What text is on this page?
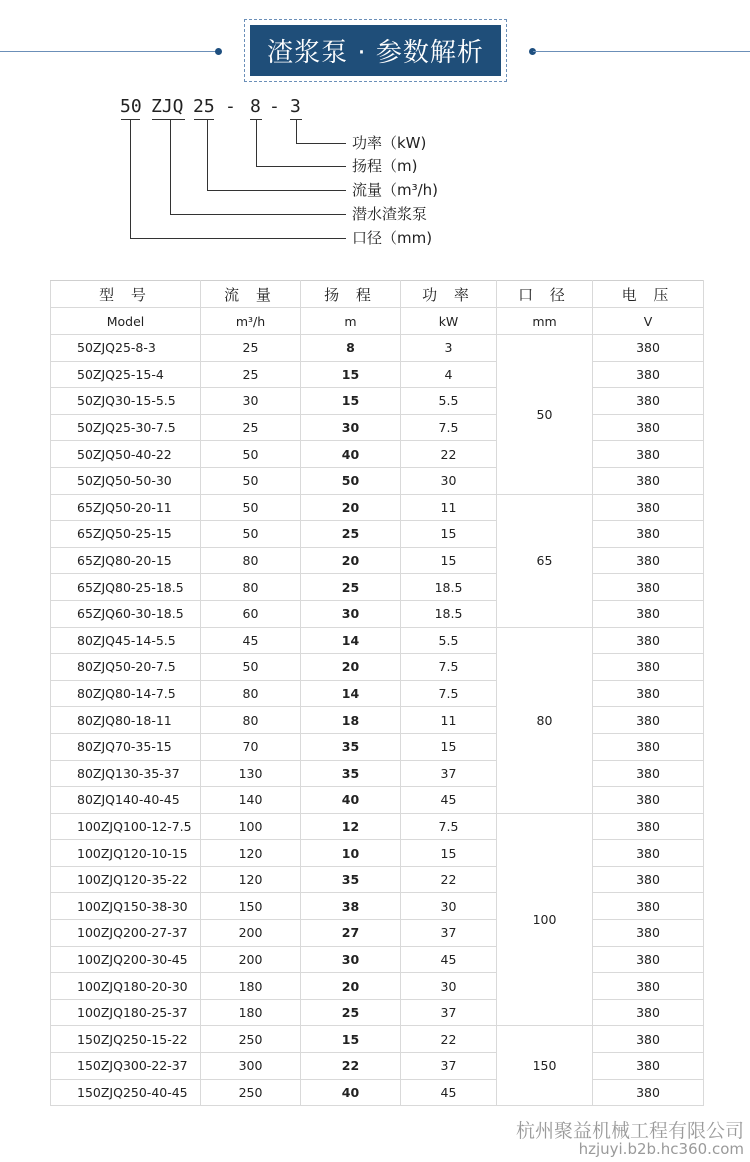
渣浆泵 · 参数解析
50 ZJQ 25 - 8 - 3
功率（kW)
扬程（m)
流量（m³/h)
潜水渣浆泵
口径（mm)
型 号	流 量	扬 程	功 率	口 径	电 压
Model	m³/h	m	kW	mm	V
50ZJQ25-8-3	25	8	3	50	380
50ZJQ25-15-4	25	15	4		380
50ZJQ30-15-5.5	30	15	5.5		380
50ZJQ25-30-7.5	25	30	7.5		380
50ZJQ50-40-22	50	40	22		380
50ZJQ50-50-30	50	50	30		380
65ZJQ50-20-11	50	20	11	65	380
65ZJQ50-25-15	50	25	15		380
65ZJQ80-20-15	80	20	15		380
65ZJQ80-25-18.5	80	25	18.5		380
65ZJQ60-30-18.5	60	30	18.5		380
80ZJQ45-14-5.5	45	14	5.5	80	380
80ZJQ50-20-7.5	50	20	7.5		380
80ZJQ80-14-7.5	80	14	7.5		380
80ZJQ80-18-11	80	18	11		380
80ZJQ70-35-15	70	35	15		380
80ZJQ130-35-37	130	35	37		380
80ZJQ140-40-45	140	40	45		380
100ZJQ100-12-7.5	100	12	7.5	100	380
100ZJQ120-10-15	120	10	15		380
100ZJQ120-35-22	120	35	22		380
100ZJQ150-38-30	150	38	30		380
100ZJQ200-27-37	200	27	37		380
100ZJQ200-30-45	200	30	45		380
100ZJQ180-20-30	180	20	30		380
100ZJQ180-25-37	180	25	37		380
150ZJQ250-15-22	250	15	22	150	380
150ZJQ300-22-37	300	22	37		380
150ZJQ250-40-45	250	40	45		380
杭州聚益机械工程有限公司
hzjuyi.b2b.hc360.com
